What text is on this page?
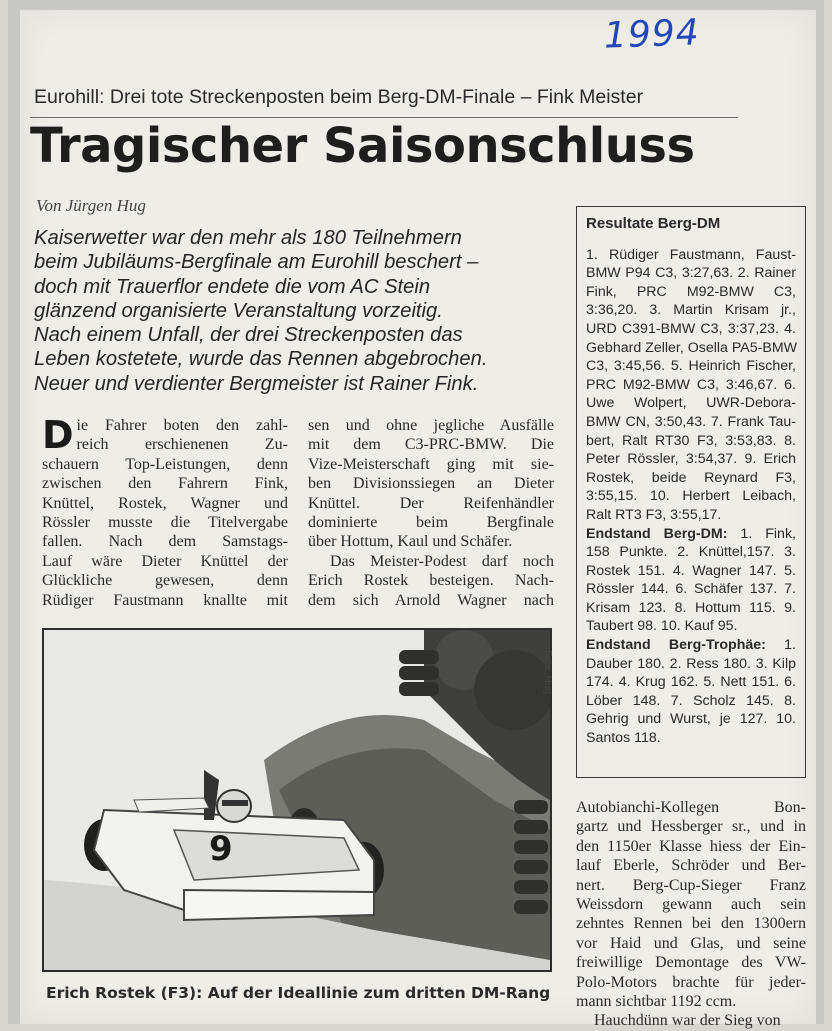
1994
Eurohill: Drei tote Streckenposten beim Berg-DM-Finale – Fink Meister
Tragischer Saisonschluss
Von Jürgen Hug
Kaiserwetter war den mehr als 180 Teilnehmern
beim Jubiläums-Bergfinale am Eurohill beschert –
doch mit Trauerflor endete die vom AC Stein
glänzend organisierte Veranstaltung vorzeitig.
Nach einem Unfall, der drei Streckenposten das
Leben kostetete, wurde das Rennen abgebrochen.
Neuer und verdienter Bergmeister ist Rainer Fink.
D ie Fahrer boten den zahl-
reich erschienenen Zu-
schauern Top-Leistungen, denn
zwischen den Fahrern Fink,
Knüttel, Rostek, Wagner und
Rössler musste die Titelvergabe
fallen. Nach dem Samstags-
Lauf wäre Dieter Knüttel der
Glückliche gewesen, denn
Rüdiger Faustmann knallte mit
sen und ohne jegliche Ausfälle
mit dem C3-PRC-BMW. Die
Vize-Meisterschaft ging mit sie-
ben Divisionssiegen an Dieter
Knüttel. Der Reifenhändler
dominierte beim Bergfinale
über Hottum, Kaul und Schäfer.
Das Meister-Podest darf noch
Erich Rostek besteigen. Nach-
dem sich Arnold Wagner nach
Resultate Berg-DM
1. Rüdiger Faustmann, Faust-
BMW P94 C3, 3:27,63. 2. Rainer
Fink, PRC M92-BMW C3,
3:36,20. 3. Martin Krisam jr.,
URD C391-BMW C3, 3:37,23. 4.
Gebhard Zeller, Osella PA5-BMW
C3, 3:45,56. 5. Heinrich Fischer,
PRC M92-BMW C3, 3:46,67. 6.
Uwe Wolpert, UWR-Debora-
BMW CN, 3:50,43. 7. Frank Tau-
bert, Ralt RT30 F3, 3:53,83. 8.
Peter Rössler, 3:54,37. 9. Erich
Rostek, beide Reynard F3,
3:55,15. 10. Herbert Leibach,
Ralt RT3 F3, 3:55,17.
Endstand Berg-DM: 1. Fink,
158 Punkte. 2. Knüttel,157. 3.
Rostek 151. 4. Wagner 147. 5.
Rössler 144. 6. Schäfer 137. 7.
Krisam 123. 8. Hottum 115. 9.
Taubert 98. 10. Kauf 95.
Endstand Berg-Trophäe: 1.
Dauber 180. 2. Ress 180. 3. Kilp
174. 4. Krug 162. 5. Nett 151. 6.
Löber 148. 7. Scholz 145. 8.
Gehrig und Wurst, je 127. 10.
Santos 118.
9
Foto: Hug
Autobianchi-Kollegen Bon-
gartz und Hessberger sr., und in
den 1150er Klasse hiess der Ein-
lauf Eberle, Schröder und Ber-
nert. Berg-Cup-Sieger Franz
Weissdorn gewann auch sein
zehntes Rennen bei den 1300ern
vor Haid und Glas, und seine
freiwillige Demontage des VW-
Polo-Motors brachte für jeder-
mann sichtbar 1192 ccm.
Hauchdünn war der Sieg von
Erich Rostek (F3): Auf der Ideallinie zum dritten DM-Rang
